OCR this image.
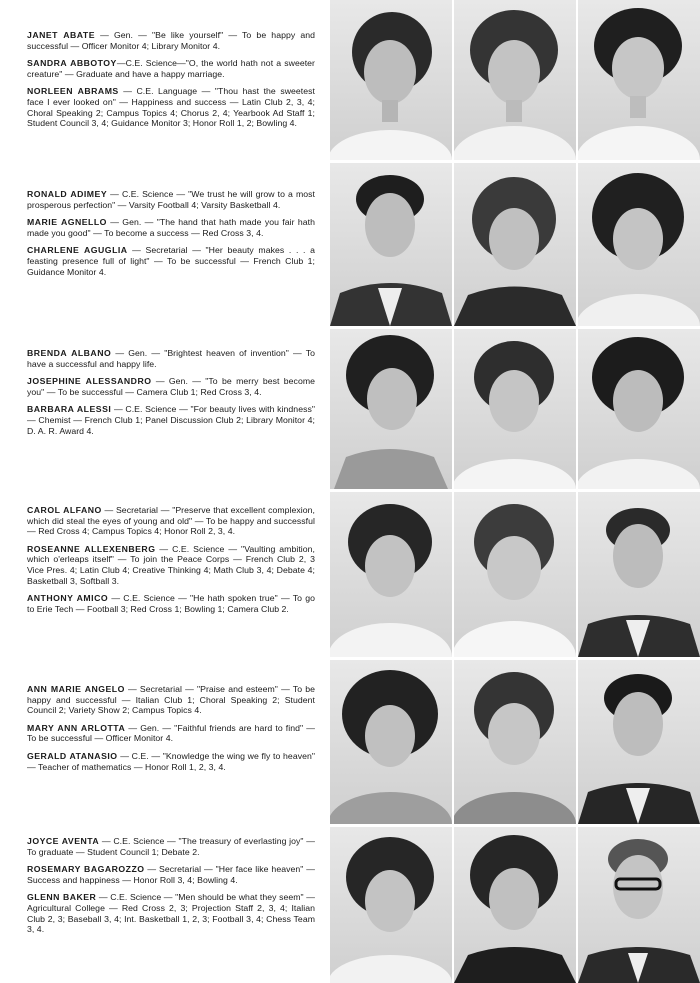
JANET ABATE — Gen. — "Be like yourself" — To be happy and successful — Officer Monitor 4; Library Monitor 4.

SANDRA ABBOTOY—C.E. Science—"O, the world hath not a sweeter creature" — Graduate and have a happy marriage.

NORLEEN ABRAMS — C.E. Language — "Thou hast the sweetest face I ever looked on" — Happiness and success — Latin Club 2, 3, 4; Choral Speaking 2; Campus Topics 4; Chorus 2, 4; Yearbook Ad Staff 1; Student Council 3, 4; Guidance Monitor 3; Honor Roll 1, 2; Bowling 4.

RONALD ADIMEY — C.E. Science — "We trust he will grow to a most prosperous perfection" — Varsity Football 4; Varsity Basketball 4.

MARIE AGNELLO — Gen. — "The hand that hath made you fair hath made you good" — To become a success — Red Cross 3, 4.

CHARLENE AGUGLIA — Secretarial — "Her beauty makes . . . a feasting presence full of light" — To be successful — French Club 1; Guidance Monitor 4.

BRENDA ALBANO — Gen. — "Brightest heaven of invention" — To have a successful and happy life.

JOSEPHINE ALESSANDRO — Gen. — "To be merry best become you" — To be successful — Camera Club 1; Red Cross 3, 4.

BARBARA ALESSI — C.E. Science — "For beauty lives with kindness" — Chemist — French Club 1; Panel Discussion Club 2; Library Monitor 4; D. A. R. Award 4.

CAROL ALFANO — Secretarial — "Preserve that excellent complexion, which did steal the eyes of young and old" — To be happy and successful — Red Cross 4; Campus Topics 4; Honor Roll 2, 3, 4.

ROSEANNE ALLEXENBERG — C.E. Science — "Vaulting ambition, which o'erleaps itself" — To join the Peace Corps — French Club 2, 3 Vice Pres. 4; Latin Club 4; Creative Thinking 4; Math Club 3, 4; Debate 4; Basketball 3, Softball 3.

ANTHONY AMICO — C.E. Science — "He hath spoken true" — To go to Erie Tech — Football 3; Red Cross 1; Bowling 1; Camera Club 2.

ANN MARIE ANGELO — Secretarial — "Praise and esteem" — To be happy and successful — Italian Club 1; Choral Speaking 2; Student Council 2; Variety Show 2; Campus Topics 4.

MARY ANN ARLOTTA — Gen. — "Faithful friends are hard to find" — To be successful — Officer Monitor 4.

GERALD ATANASIO — C.E. — "Knowledge the wing we fly to heaven" — Teacher of mathematics — Honor Roll 1, 2, 3, 4.

JOYCE AVENTA — C.E. Science — "The treasury of everlasting joy" — To graduate — Student Council 1; Debate 2.

ROSEMARY BAGAROZZO — Secretarial — "Her face like heaven" — Success and happiness — Honor Roll 3, 4; Bowling 4.

GLENN BAKER — C.E. Science — "Men should be what they seem" — Agricultural College — Red Cross 2, 3; Projection Staff 2, 3, 4; Italian Club 2, 3; Baseball 3, 4; Int. Basketball 1, 2, 3; Football 3, 4; Chess Team 3, 4.
